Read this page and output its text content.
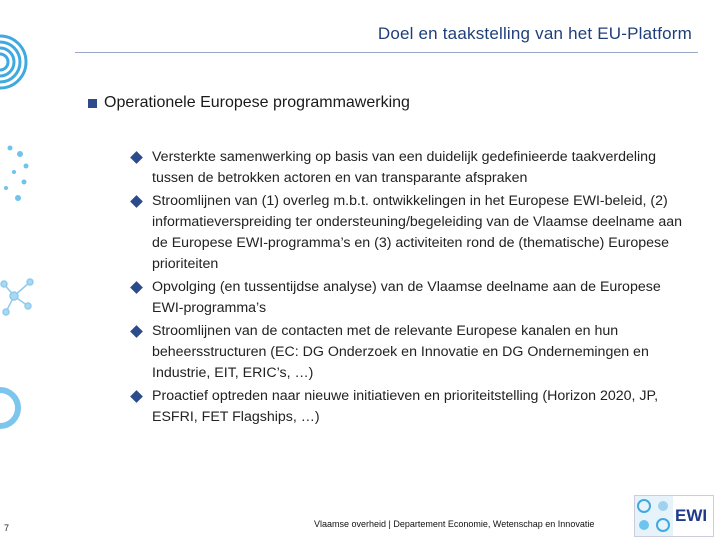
Doel en taakstelling van het EU-Platform
Operationele Europese programmawerking
Versterkte samenwerking op basis van een duidelijk gedefinieerde taakverdeling tussen de betrokken actoren en van transparante afspraken
Stroomlijnen van (1) overleg m.b.t. ontwikkelingen in het Europese EWI-beleid, (2) informatieverspreiding ter ondersteuning/begeleiding van de Vlaamse deelname aan de Europese EWI-programma’s en (3) activiteiten rond de (thematische) Europese prioriteiten
Opvolging (en tussentijdse analyse) van de Vlaamse deelname aan de Europese EWI-programma’s
Stroomlijnen van de contacten met de relevante Europese kanalen en hun beheersstructuren (EC: DG Onderzoek en Innovatie en DG Ondernemingen en Industrie, EIT, ERIC’s, …)
Proactief optreden naar nieuwe initiatieven en prioriteitstelling (Horizon 2020, JP, ESFRI, FET Flagships, …)
7	Vlaamse overheid | Departement Economie, Wetenschap en Innovatie	EWI
